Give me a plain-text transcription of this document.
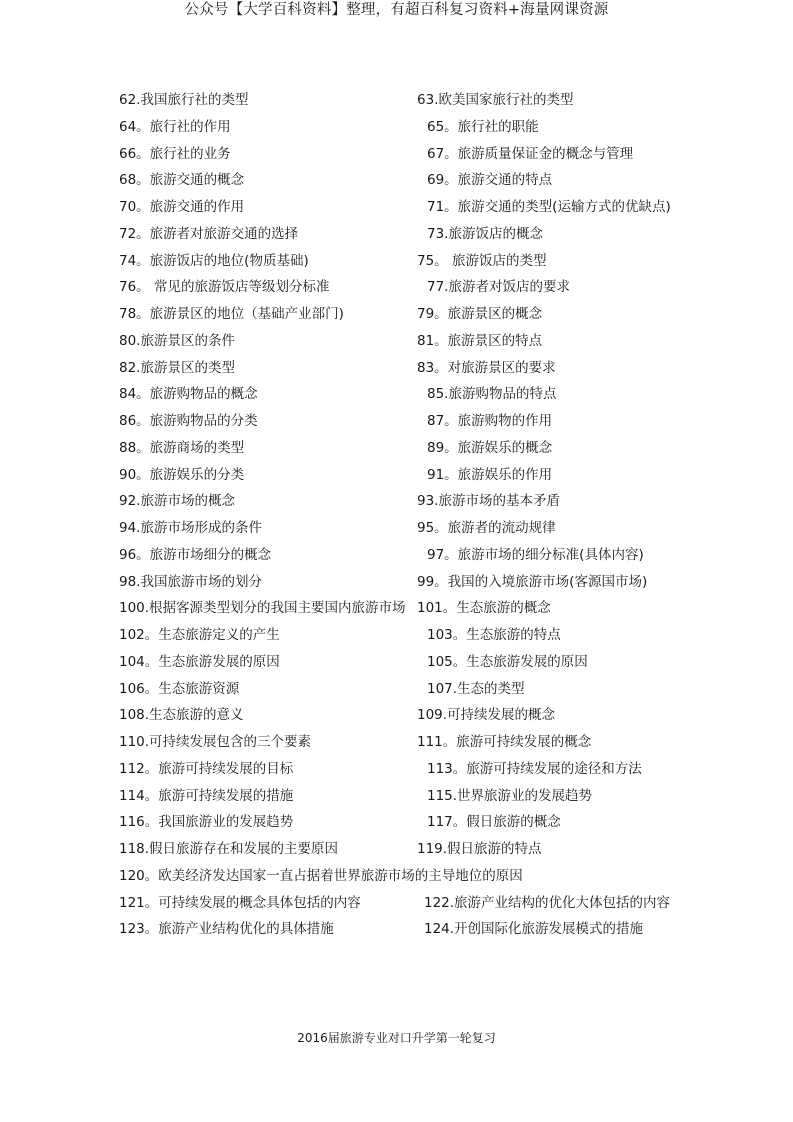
公众号【大学百科资料】整理，有超百科复习资料+海量网课资源
62.我国旅行社的类型	63.欧美国家旅行社的类型
64。旅行社的作用	65。旅行社的职能
66。旅行社的业务	67。旅游质量保证金的概念与管理
68。旅游交通的概念	69。旅游交通的特点
70。旅游交通的作用	71。旅游交通的类型(运输方式的优缺点)
72。旅游者对旅游交通的选择	73.旅游饭店的概念
74。旅游饭店的地位(物质基础)	75。 旅游饭店的类型
76。 常见的旅游饭店等级划分标准	77.旅游者对饭店的要求
78。旅游景区的地位（基础产业部门)	79。旅游景区的概念
80.旅游景区的条件	81。旅游景区的特点
82.旅游景区的类型	83。对旅游景区的要求
84。旅游购物品的概念	85.旅游购物品的特点
86。旅游购物品的分类	87。旅游购物的作用
88。旅游商场的类型	89。旅游娱乐的概念
90。旅游娱乐的分类	91。旅游娱乐的作用
92.旅游市场的概念	93.旅游市场的基本矛盾
94.旅游市场形成的条件	95。旅游者的流动规律
96。旅游市场细分的概念	97。旅游市场的细分标准(具体内容)
98.我国旅游市场的划分	99。我国的入境旅游市场(客源国市场)
100.根据客源类型划分的我国主要国内旅游市场 101。生态旅游的概念
102。生态旅游定义的产生	103。生态旅游的特点
104。生态旅游发展的原因	105。生态旅游发展的原因
106。生态旅游资源	107.生态的类型
108.生态旅游的意义	109.可持续发展的概念
110.可持续发展包含的三个要素	111。旅游可持续发展的概念
112。旅游可持续发展的目标	113。旅游可持续发展的途径和方法
114。旅游可持续发展的措施	115.世界旅游业的发展趋势
116。我国旅游业的发展趋势	117。假日旅游的概念
118.假日旅游存在和发展的主要原因	119.假日旅游的特点
120。欧美经济发达国家一直占据着世界旅游市场的主导地位的原因
121。可持续发展的概念具体包括的内容	122.旅游产业结构的优化大体包括的内容
123。旅游产业结构优化的具体措施	124.开创国际化旅游发展模式的措施
2016届旅游专业对口升学第一轮复习
